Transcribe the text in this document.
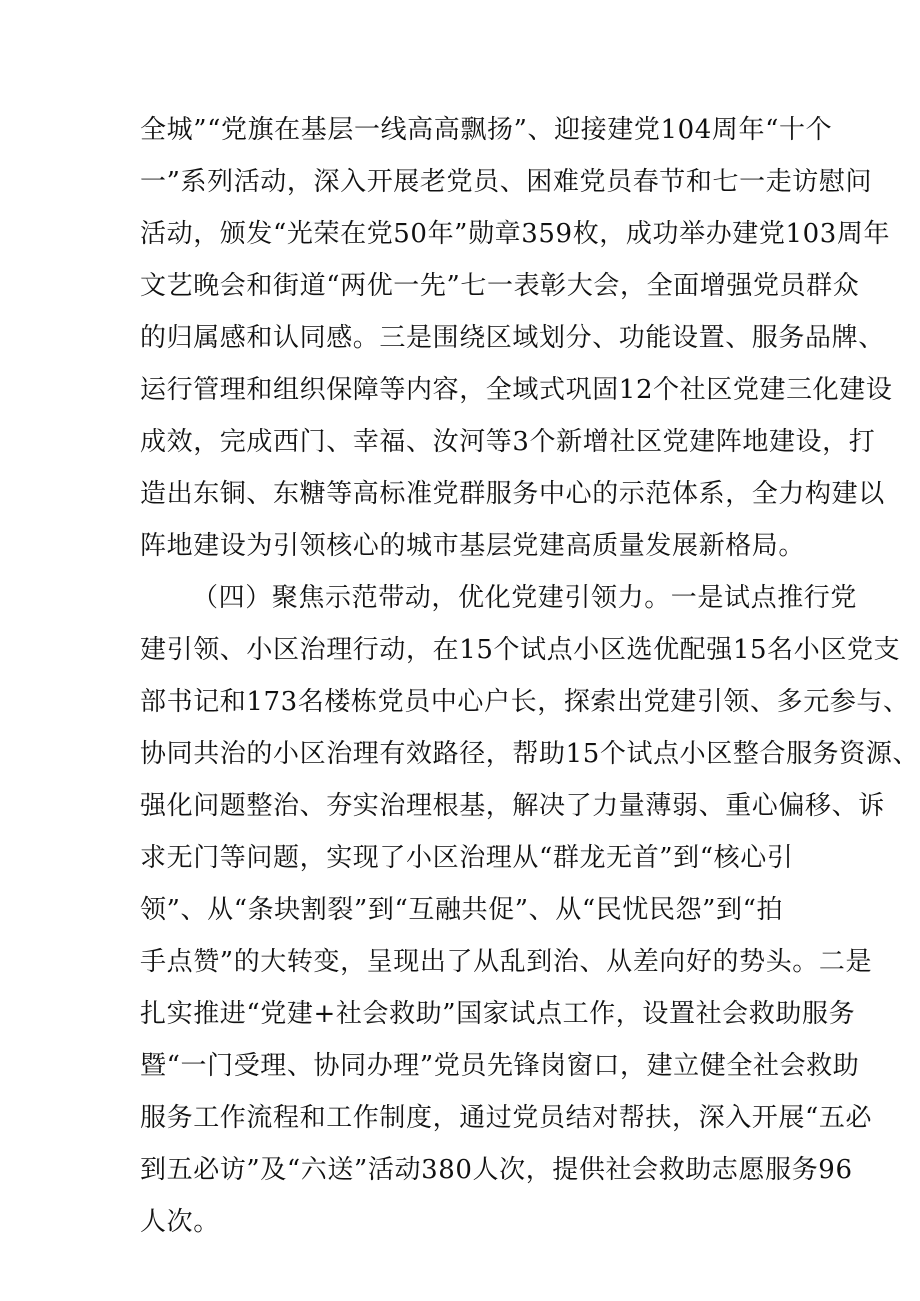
全城”“党旗在基层一线高高飘扬”、迎接建党104周年“十个
一”系列活动，深入开展老党员、困难党员春节和七一走访慰问
活动，颁发“光荣在党50年”勋章359枚，成功举办建党103周年
文艺晚会和街道“两优一先”七一表彰大会，全面增强党员群众
的归属感和认同感。三是围绕区域划分、功能设置、服务品牌、
运行管理和组织保障等内容，全域式巩固12个社区党建三化建设
成效，完成西门、幸福、汝河等3个新增社区党建阵地建设，打
造出东铜、东糖等高标准党群服务中心的示范体系，全力构建以
阵地建设为引领核心的城市基层党建高质量发展新格局。
（四）聚焦示范带动，优化党建引领力。一是试点推行党
建引领、小区治理行动，在15个试点小区选优配强15名小区党支
部书记和173名楼栋党员中心户长，探索出党建引领、多元参与、
协同共治的小区治理有效路径，帮助15个试点小区整合服务资源、
强化问题整治、夯实治理根基，解决了力量薄弱、重心偏移、诉
求无门等问题，实现了小区治理从“群龙无首”到“核心引
领”、从“条块割裂”到“互融共促”、从“民忧民怨”到“拍
手点赞”的大转变，呈现出了从乱到治、从差向好的势头。二是
扎实推进“党建+社会救助”国家试点工作，设置社会救助服务
暨“一门受理、协同办理”党员先锋岗窗口，建立健全社会救助
服务工作流程和工作制度，通过党员结对帮扶，深入开展“五必
到五必访”及“六送”活动380人次，提供社会救助志愿服务96
人次。
